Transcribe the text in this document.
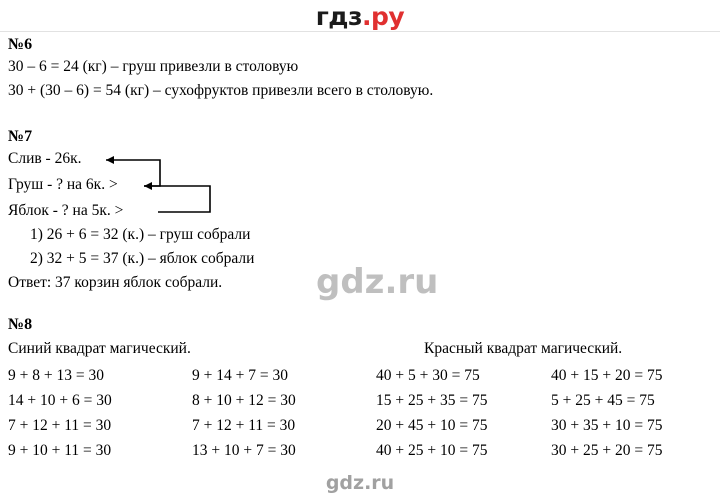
гдз.ру
№6
30 – 6 = 24 (кг) – груш привезли в столовую
30 + (30 – 6) = 54 (кг) – сухофруктов привезли всего в столовую.
№7
Слив - 26к.
Груш - ? на 6к. >
Яблок - ? на 5к. >
1) 26 + 6 = 32 (к.) – груш собрали
2) 32 + 5 = 37 (к.) – яблок собрали
Ответ: 37 корзин яблок собрали.
№8
Синий квадрат магический.	Красный квадрат магический.
9 + 8 + 13 = 30	9 + 14 + 7 = 30	40 + 5 + 30 = 75	40 + 15 + 20 = 75
14 + 10 + 6 = 30	8 + 10 + 12 = 30	15 + 25 + 35 = 75	5 + 25 + 45 = 75
7 + 12 + 11 = 30	7 + 12 + 11 = 30	20 + 45 + 10 = 75	30 + 35 + 10 = 75
9 + 10 + 11 = 30	13 + 10 + 7 = 30	40 + 25 + 10 = 75	30 + 25 + 20 = 75
gdz.ru
gdz.ru
